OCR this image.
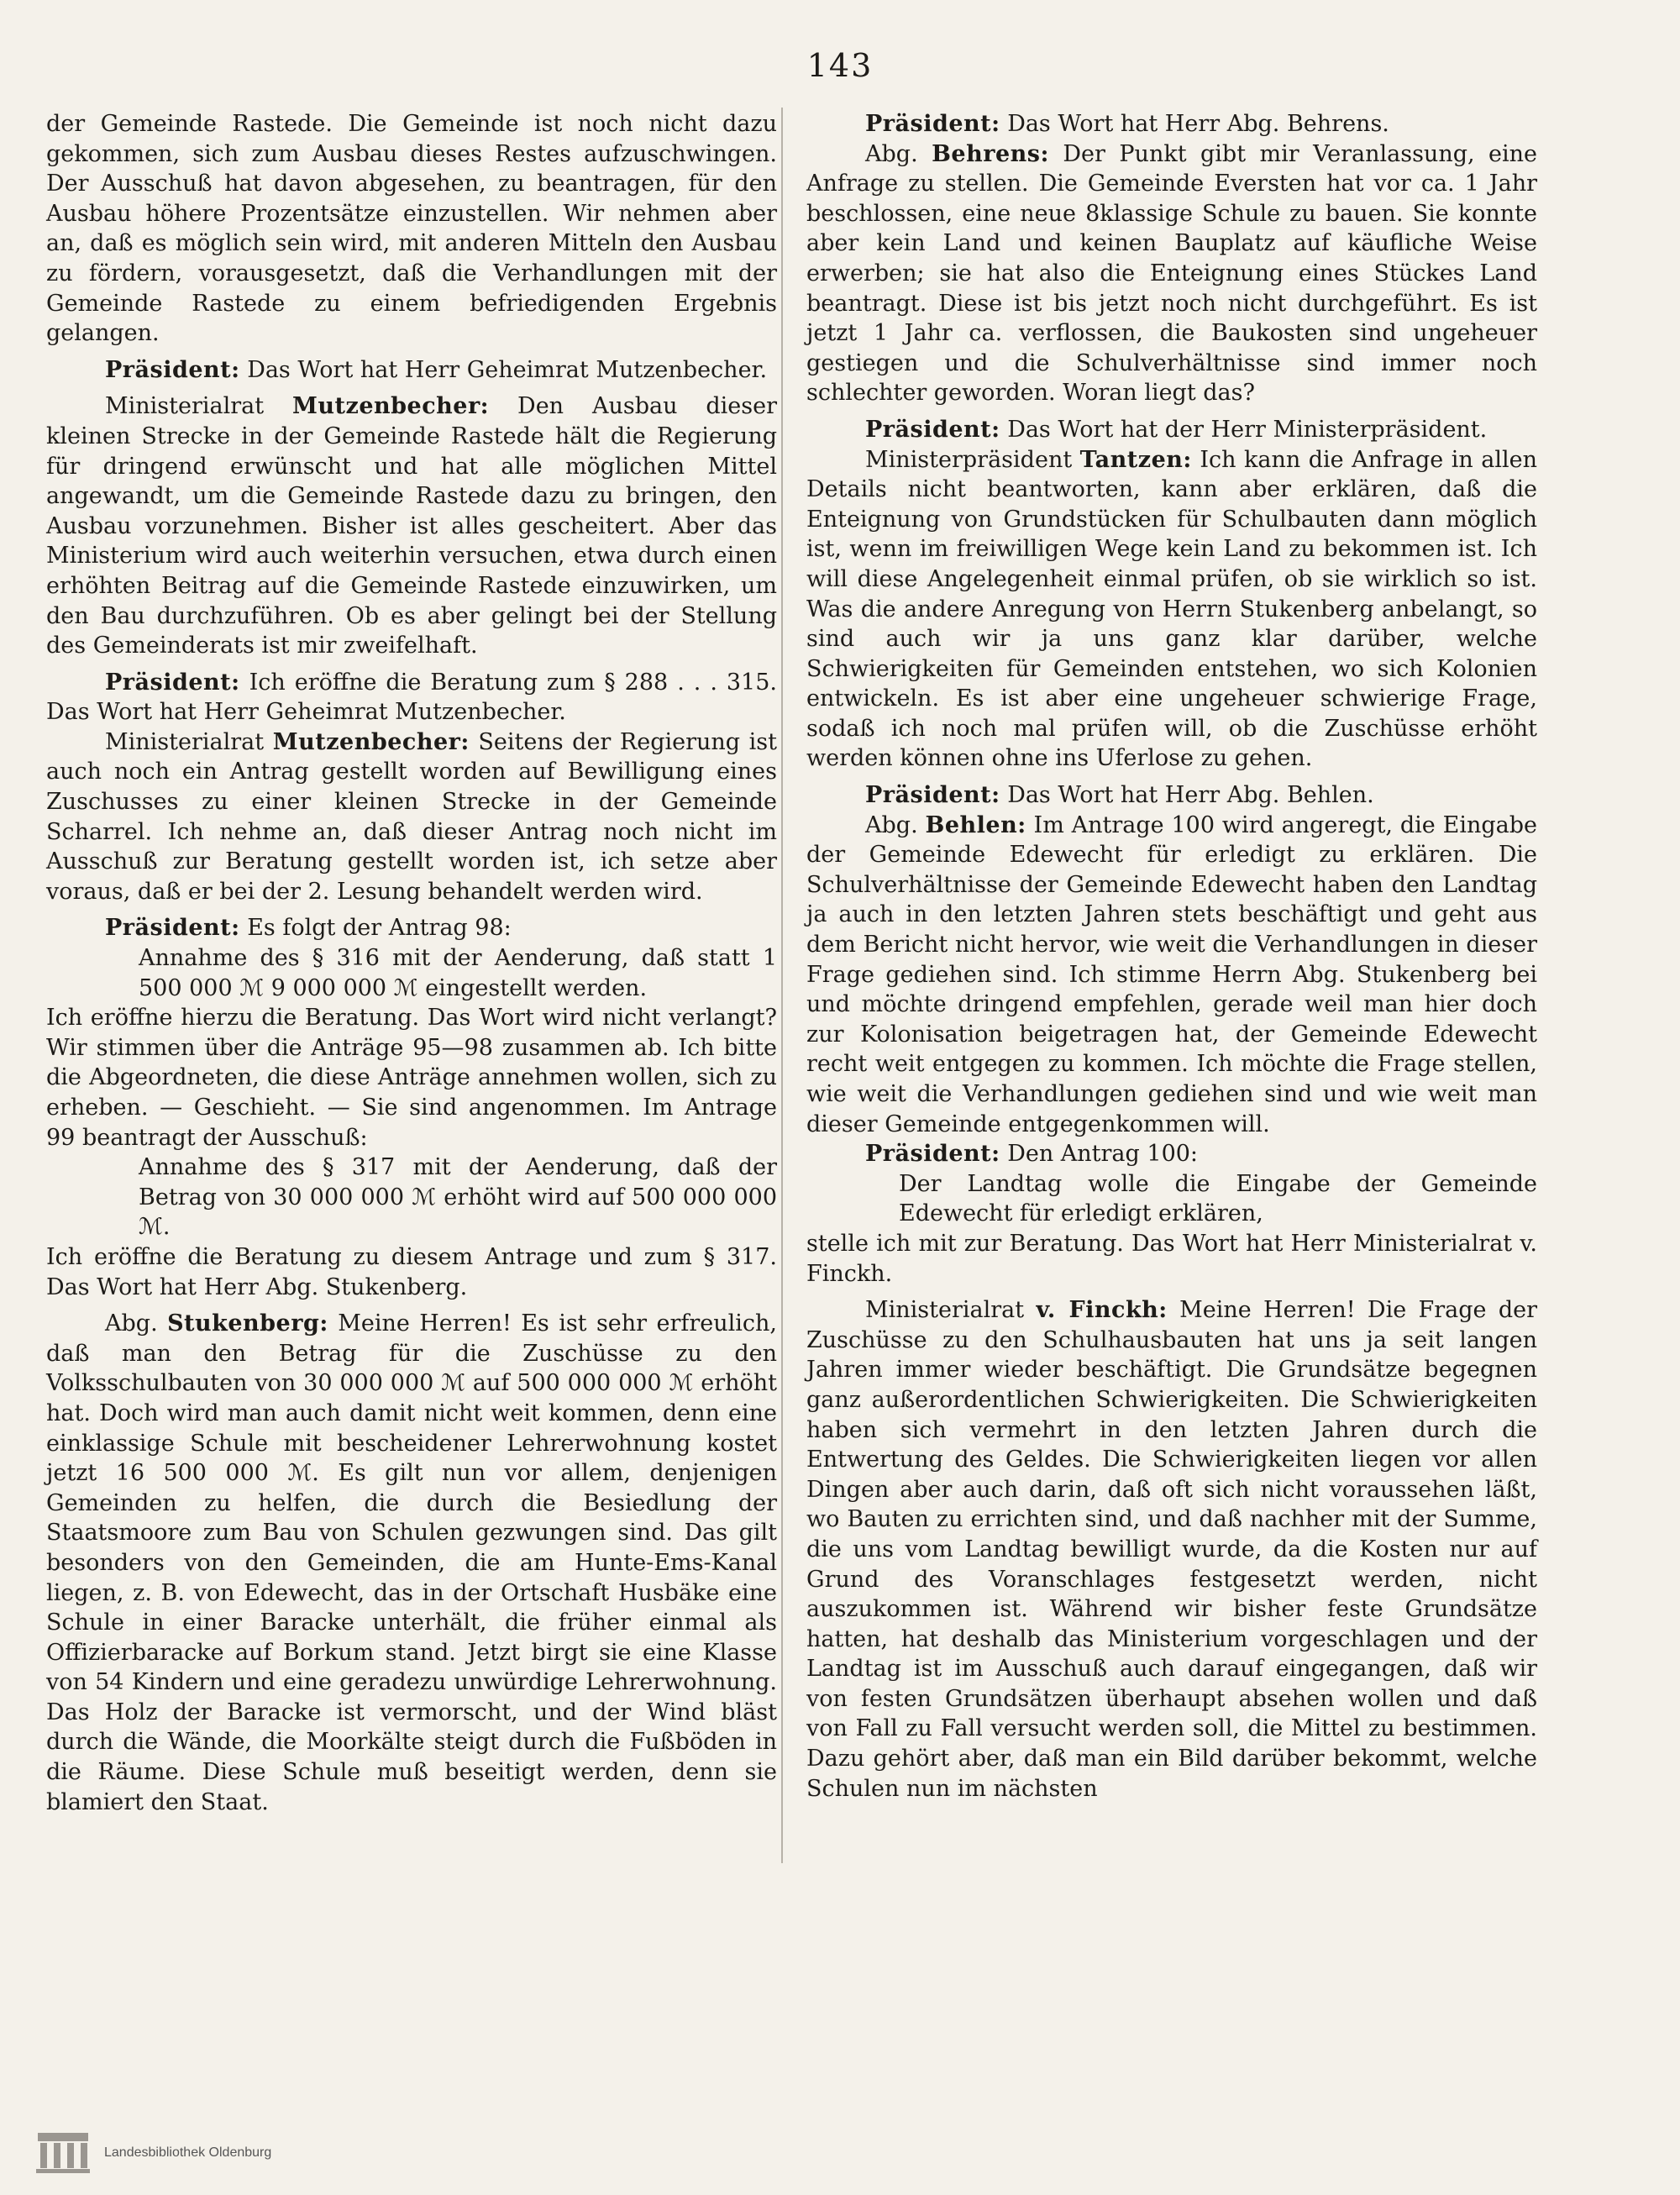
143

der Gemeinde Rastede. Die Gemeinde ist noch nicht dazu gekommen, sich zum Ausbau dieses Restes aufzuschwingen. Der Ausschuß hat davon abgesehen, zu beantragen, für den Ausbau höhere Prozentsätze einzustellen. Wir nehmen aber an, daß es möglich sein wird, mit anderen Mitteln den Ausbau zu fördern, vorausgesetzt, daß die Verhandlungen mit der Gemeinde Rastede zu einem befriedigenden Ergebnis gelangen.

Präsident: Das Wort hat Herr Geheimrat Mutzenbecher.

Ministerialrat Mutzenbecher: Den Ausbau dieser kleinen Strecke in der Gemeinde Rastede hält die Regierung für dringend erwünscht und hat alle möglichen Mittel angewandt, um die Gemeinde Rastede dazu zu bringen, den Ausbau vorzunehmen. Bisher ist alles gescheitert. Aber das Ministerium wird auch weiterhin versuchen, etwa durch einen erhöhten Beitrag auf die Gemeinde Rastede einzuwirken, um den Bau durchzuführen. Ob es aber gelingt bei der Stellung des Gemeinderats ist mir zweifelhaft.

Präsident: Ich eröffne die Beratung zum § 288 . . . 315. Das Wort hat Herr Geheimrat Mutzenbecher.

Ministerialrat Mutzenbecher: Seitens der Regierung ist auch noch ein Antrag gestellt worden auf Bewilligung eines Zuschusses zu einer kleinen Strecke in der Gemeinde Scharrel. Ich nehme an, daß dieser Antrag noch nicht im Ausschuß zur Beratung gestellt worden ist, ich setze aber voraus, daß er bei der 2. Lesung behandelt werden wird.

Präsident: Es folgt der Antrag 98:

Annahme des § 316 mit der Aenderung, daß statt 1 500 000 ℳ 9 000 000 ℳ eingestellt werden.

Ich eröffne hierzu die Beratung. Das Wort wird nicht verlangt? Wir stimmen über die Anträge 95—98 zusammen ab. Ich bitte die Abgeordneten, die diese Anträge annehmen wollen, sich zu erheben. — Geschieht. — Sie sind angenommen. Im Antrage 99 beantragt der Ausschuß:

Annahme des § 317 mit der Aenderung, daß der Betrag von 30 000 000 ℳ erhöht wird auf 500 000 000 ℳ.

Ich eröffne die Beratung zu diesem Antrage und zum § 317. Das Wort hat Herr Abg. Stukenberg.

Abg. Stukenberg: Meine Herren! Es ist sehr erfreulich, daß man den Betrag für die Zuschüsse zu den Volksschulbauten von 30 000 000 ℳ auf 500 000 000 ℳ erhöht hat. Doch wird man auch damit nicht weit kommen, denn eine einklassige Schule mit bescheidener Lehrerwohnung kostet jetzt 16 500 000 ℳ. Es gilt nun vor allem, denjenigen Gemeinden zu helfen, die durch die Besiedlung der Staatsmoore zum Bau von Schulen gezwungen sind. Das gilt besonders von den Gemeinden, die am Hunte-Ems-Kanal liegen, z. B. von Edewecht, das in der Ortschaft Husbäke eine Schule in einer Baracke unterhält, die früher einmal als Offizierbaracke auf Borkum stand. Jetzt birgt sie eine Klasse von 54 Kindern und eine geradezu unwürdige Lehrerwohnung. Das Holz der Baracke ist vermorscht, und der Wind bläst durch die Wände, die Moorkälte steigt durch die Fußböden in die Räume. Diese Schule muß beseitigt werden, denn sie blamiert den Staat.

Präsident: Das Wort hat Herr Abg. Behrens.

Abg. Behrens: Der Punkt gibt mir Veranlassung, eine Anfrage zu stellen. Die Gemeinde Eversten hat vor ca. 1 Jahr beschlossen, eine neue 8klassige Schule zu bauen. Sie konnte aber kein Land und keinen Bauplatz auf käufliche Weise erwerben; sie hat also die Enteignung eines Stückes Land beantragt. Diese ist bis jetzt noch nicht durchgeführt. Es ist jetzt 1 Jahr ca. verflossen, die Baukosten sind ungeheuer gestiegen und die Schulverhältnisse sind immer noch schlechter geworden. Woran liegt das?

Präsident: Das Wort hat der Herr Ministerpräsident.

Ministerpräsident Tantzen: Ich kann die Anfrage in allen Details nicht beantworten, kann aber erklären, daß die Enteignung von Grundstücken für Schulbauten dann möglich ist, wenn im freiwilligen Wege kein Land zu bekommen ist. Ich will diese Angelegenheit einmal prüfen, ob sie wirklich so ist. Was die andere Anregung von Herrn Stukenberg anbelangt, so sind auch wir ja uns ganz klar darüber, welche Schwierigkeiten für Gemeinden entstehen, wo sich Kolonien entwickeln. Es ist aber eine ungeheuer schwierige Frage, sodaß ich noch mal prüfen will, ob die Zuschüsse erhöht werden können ohne ins Uferlose zu gehen.

Präsident: Das Wort hat Herr Abg. Behlen.

Abg. Behlen: Im Antrage 100 wird angeregt, die Eingabe der Gemeinde Edewecht für erledigt zu erklären. Die Schulverhältnisse der Gemeinde Edewecht haben den Landtag ja auch in den letzten Jahren stets beschäftigt und geht aus dem Bericht nicht hervor, wie weit die Verhandlungen in dieser Frage gediehen sind. Ich stimme Herrn Abg. Stukenberg bei und möchte dringend empfehlen, gerade weil man hier doch zur Kolonisation beigetragen hat, der Gemeinde Edewecht recht weit entgegen zu kommen. Ich möchte die Frage stellen, wie weit die Verhandlungen gediehen sind und wie weit man dieser Gemeinde entgegenkommen will.

Präsident: Den Antrag 100:

Der Landtag wolle die Eingabe der Gemeinde Edewecht für erledigt erklären,

stelle ich mit zur Beratung. Das Wort hat Herr Ministerialrat v. Finckh.

Ministerialrat v. Finckh: Meine Herren! Die Frage der Zuschüsse zu den Schulhausbauten hat uns ja seit langen Jahren immer wieder beschäftigt. Die Grundsätze begegnen ganz außerordentlichen Schwierigkeiten. Die Schwierigkeiten haben sich vermehrt in den letzten Jahren durch die Entwertung des Geldes. Die Schwierigkeiten liegen vor allen Dingen aber auch darin, daß oft sich nicht voraussehen läßt, wo Bauten zu errichten sind, und daß nachher mit der Summe, die uns vom Landtag bewilligt wurde, da die Kosten nur auf Grund des Voranschlages festgesetzt werden, nicht auszukommen ist. Während wir bisher feste Grundsätze hatten, hat deshalb das Ministerium vorgeschlagen und der Landtag ist im Ausschuß auch darauf eingegangen, daß wir von festen Grundsätzen überhaupt absehen wollen und daß von Fall zu Fall versucht werden soll, die Mittel zu bestimmen. Dazu gehört aber, daß man ein Bild darüber bekommt, welche Schulen nun im nächsten

Landesbibliothek Oldenburg
